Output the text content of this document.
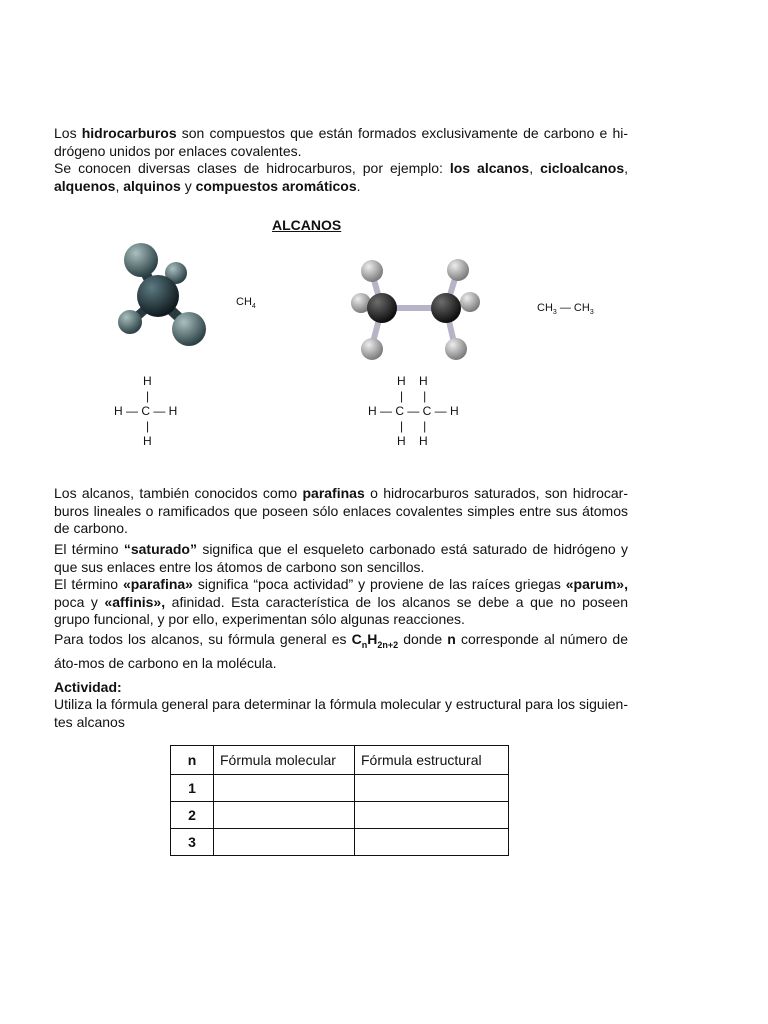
Los hidrocarburos son compuestos que están formados exclusivamente de carbono e hi-drógeno unidos por enlaces covalentes.
Se conocen diversas clases de hidrocarburos, por ejemplo: los alcanos, cicloalcanos, alquenos, alquinos y compuestos aromáticos.
ALCANOS
$CH_4$	$CH_3$ — $CH_3$
H
|
H — C — H
|
H
H    H
|      |
H — C — C — H
|      |
H    H
Los alcanos, también conocidos como parafinas o hidrocarburos saturados, son hidrocar-buros lineales o ramificados que poseen sólo enlaces covalentes simples entre sus átomos de carbono.
El término “saturado” significa que el esqueleto carbonado está saturado de hidrógeno y que sus enlaces entre los átomos de carbono son sencillos.
El término «parafina» significa “poca actividad” y proviene de las raíces griegas «parum», poca y «affinis», afinidad. Esta característica de los alcanos se debe a que no poseen grupo funcional, y por ello, experimentan sólo algunas reacciones.
Para todos los alcanos, su fórmula general es $C_nH_{2n+2}$ donde n corresponde al número de áto-mos de carbono en la molécula.
Actividad:
Utiliza la fórmula general para determinar la fórmula molecular y estructural para los siguien-tes alcanos
n	Fórmula molecular	Fórmula estructural
1		
2		
3		
